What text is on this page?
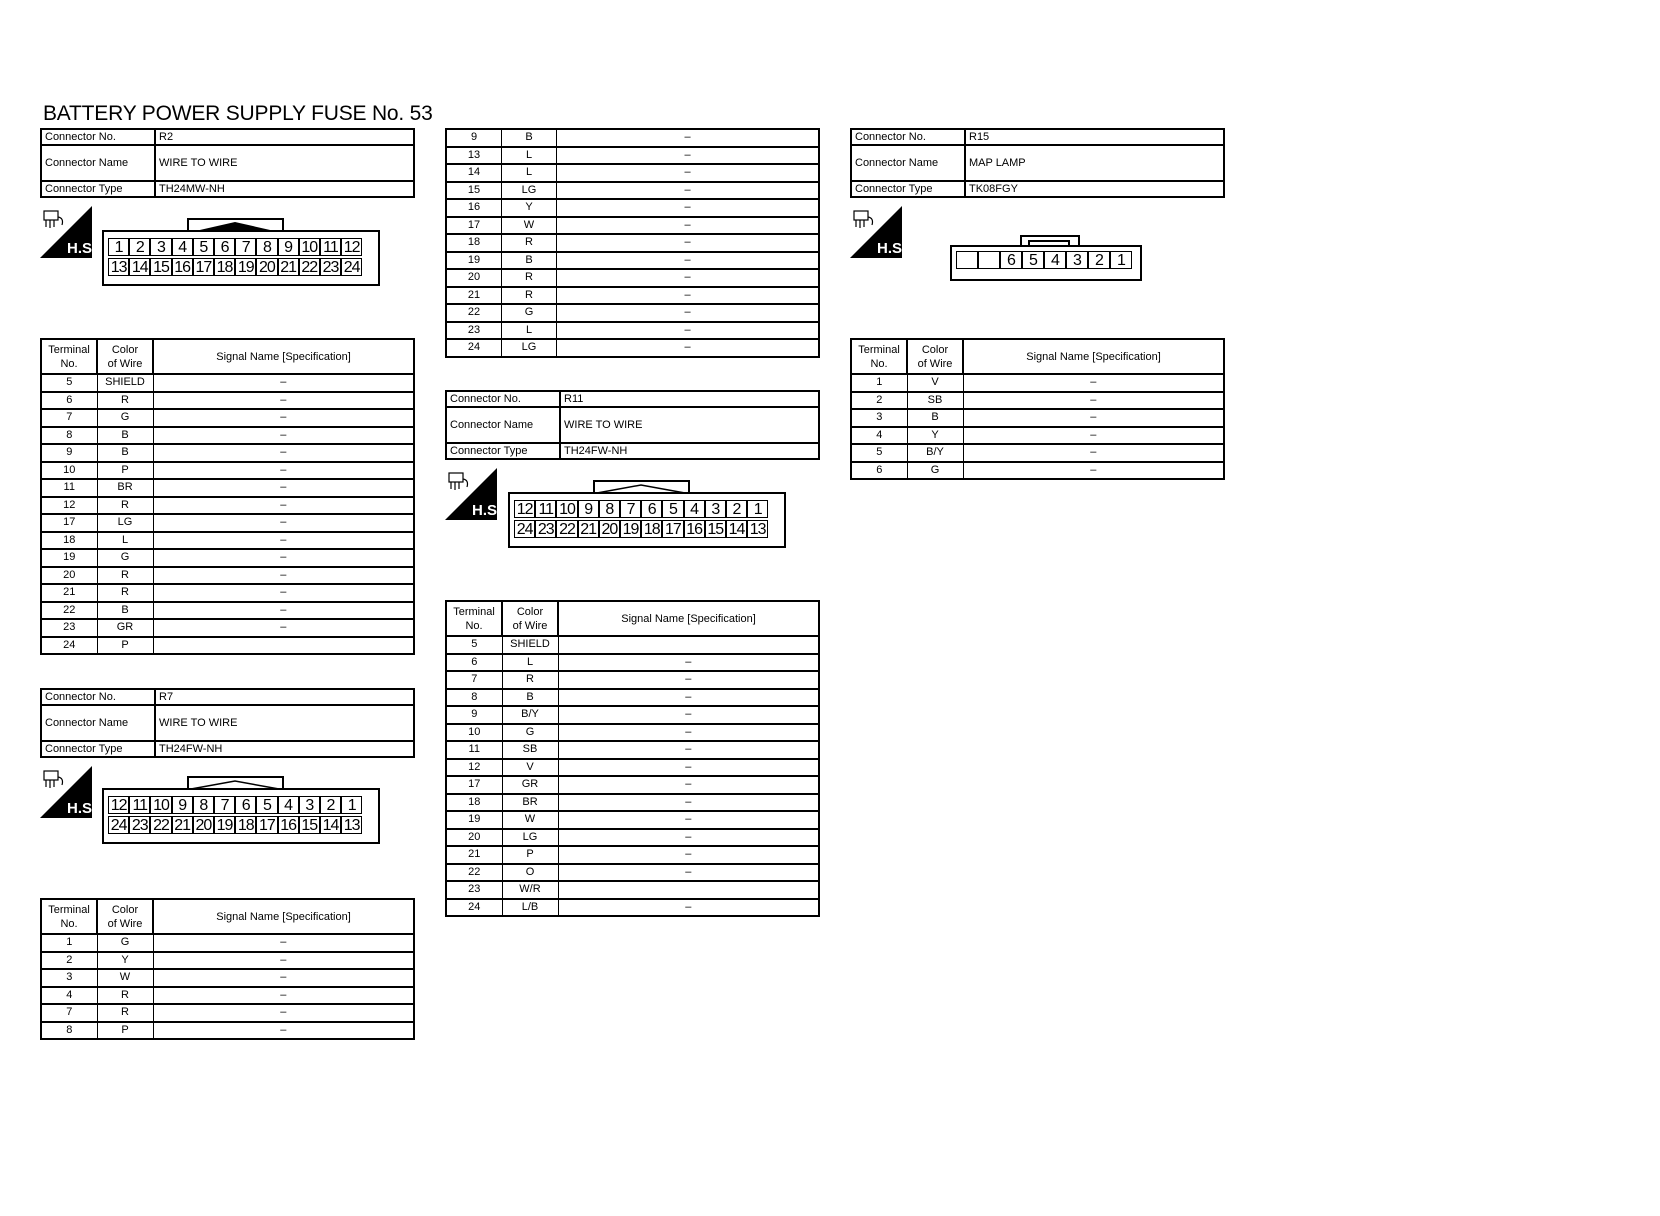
BATTERY POWER SUPPLY FUSE No. 53
Connector No.	R2
Connector Name	WIRE TO WIRE
Connector Type	TH24MW-NH
H.S.	1 2 3 4 5 6 7 8 9 10 11 12
13 14 15 16 17 18 19 20 21 22 23 24
Terminal
No.	Color
of Wire	Signal Name [Specification]
5	SHIELD	–
6	R	–
7	G	–
8	B	–
9	B	–
10	P	–
11	BR	–
12	R	–
17	LG	–
18	L	–
19	G	–
20	R	–
21	R	–
22	B	–
23	GR	–
24	P	
Connector No.	R7
Connector Name	WIRE TO WIRE
Connector Type	TH24FW-NH
H.S. 12 11 10 9 8 7 6 5 4 3 2 1
24 23 22 21 20 19 18 17 16 15 14 13
Terminal
No.	Color
of Wire	Signal Name [Specification]
1	G	–
2	Y	–
3	W	–
4	R	–
7	R	–
8	P	–
9	B	–
13	L	–
14	L	–
15	LG	–
16	Y	–
17	W	–
18	R	–
19	B	–
20	R	–
21	R	–
22	G	–
23	L	–
24	LG	–
Connector No.	R11
Connector Name	WIRE TO WIRE
Connector Type	TH24FW-NH
H.S. 12 11 10 9 8 7 6 5 4 3 2 1
24 23 22 21 20 19 18 17 16 15 14 13
Terminal
No.	Color
of Wire	Signal Name [Specification]
5	SHIELD	
6	L	–
7	R	–
8	B	–
9	B/Y	–
10	G	–
11	SB	–
12	V	–
17	GR	–
18	BR	–
19	W	–
20	LG	–
21	P	–
22	O	–
23	W/R	
24	L/B	–
Connector No.	R15
Connector Name	MAP LAMP
Connector Type	TK08FGY
H.S.
6 5 4 3 2 1
Terminal
No.	Color
of Wire	Signal Name [Specification]
1	V	–
2	SB	–
3	B	–
4	Y	–
5	B/Y	–
6	G	–
